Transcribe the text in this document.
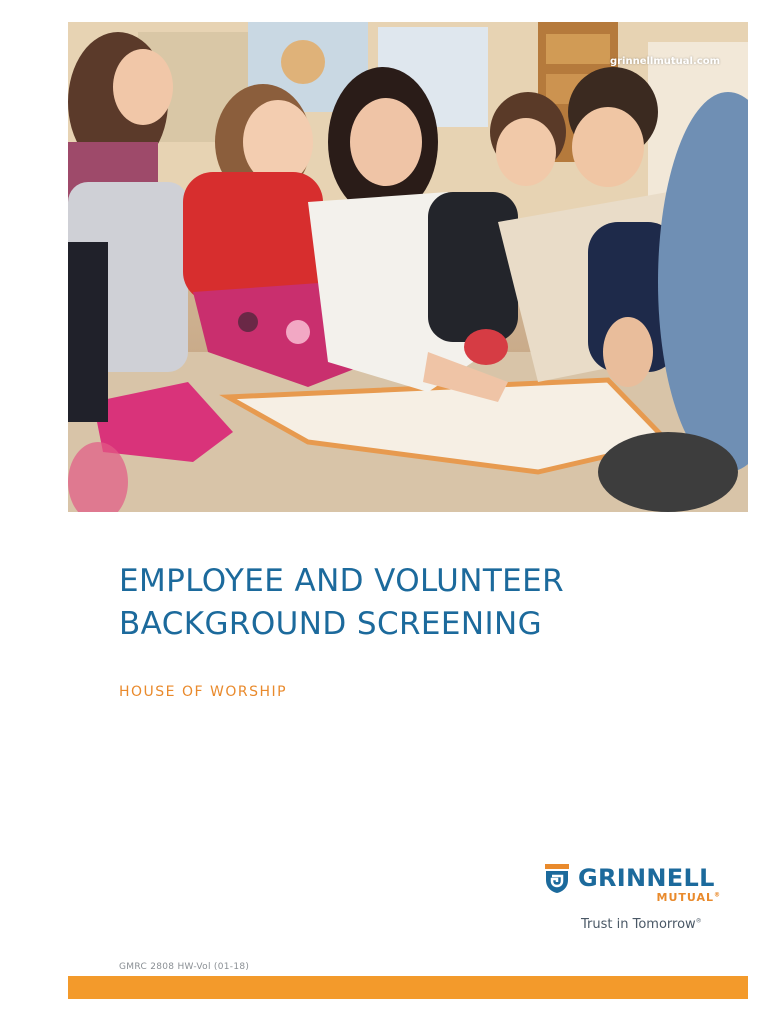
grinnellmutual.com
EMPLOYEE AND VOLUNTEER
BACKGROUND SCREENING
HOUSE OF WORSHIP
GRINNELL
MUTUAL®
Trust in Tomorrow®
GMRC 2808 HW-Vol (01-18)
